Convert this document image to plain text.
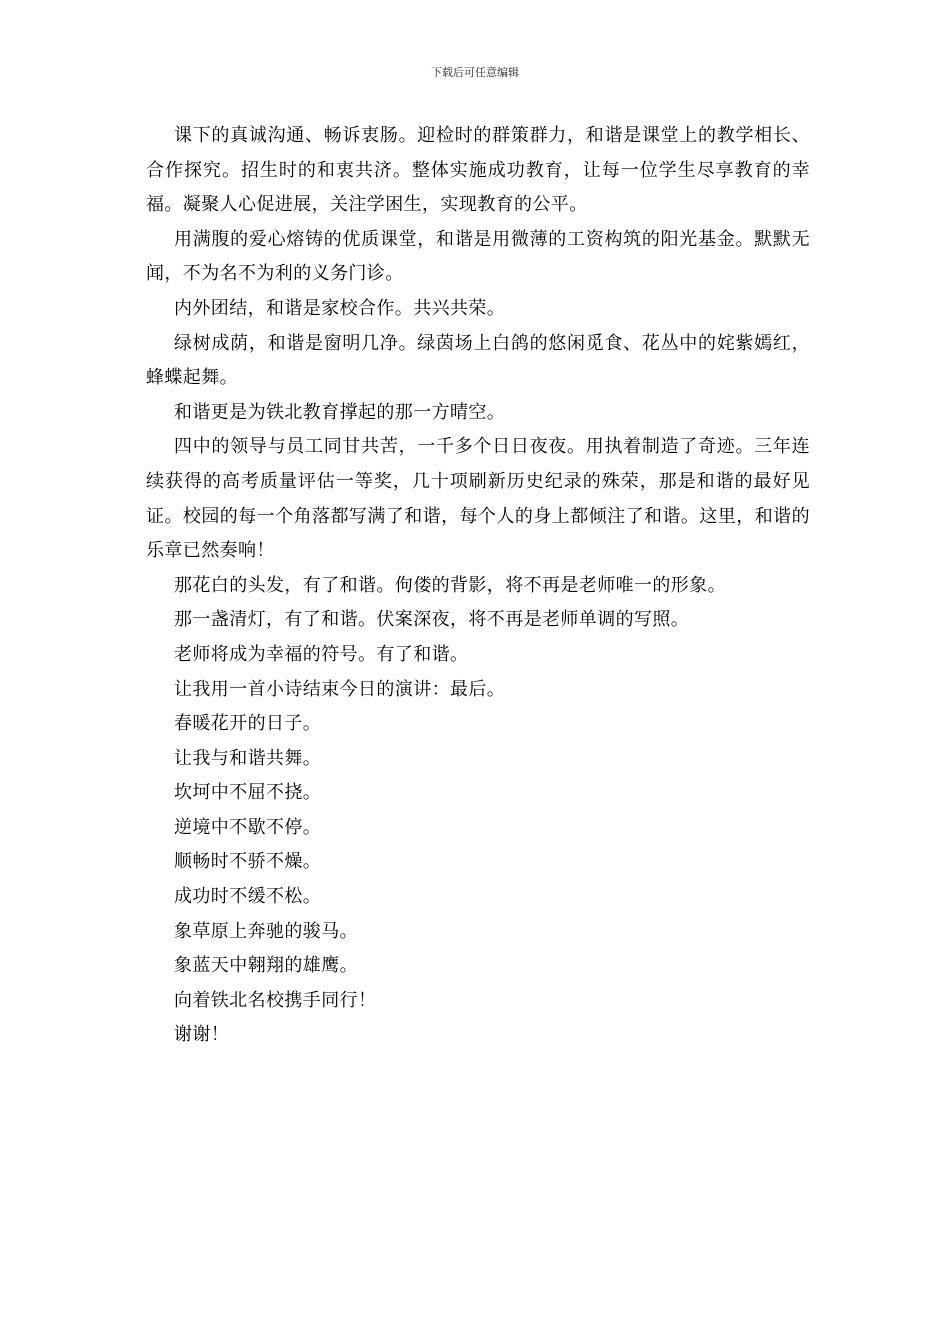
下载后可任意编辑

课下的真诚沟通、畅诉衷肠。迎检时的群策群力，和谐是课堂上的教学相长、合作探究。招生时的和衷共济。整体实施成功教育，让每一位学生尽享教育的幸福。凝聚人心促进展，关注学困生，实现教育的公平。

用满腹的爱心熔铸的优质课堂，和谐是用微薄的工资构筑的阳光基金。默默无闻，不为名不为利的义务门诊。

内外团结，和谐是家校合作。共兴共荣。

绿树成荫，和谐是窗明几净。绿茵场上白鸽的悠闲觅食、花丛中的姹紫嫣红，蜂蝶起舞。

和谐更是为铁北教育撑起的那一方晴空。

四中的领导与员工同甘共苦，一千多个日日夜夜。用执着制造了奇迹。三年连续获得的高考质量评估一等奖，几十项刷新历史纪录的殊荣，那是和谐的最好见证。校园的每一个角落都写满了和谐，每个人的身上都倾注了和谐。这里，和谐的乐章已然奏响！

那花白的头发，有了和谐。佝偻的背影，将不再是老师唯一的形象。

那一盏清灯，有了和谐。伏案深夜，将不再是老师单调的写照。

老师将成为幸福的符号。有了和谐。

让我用一首小诗结束今日的演讲：最后。

春暖花开的日子。

让我与和谐共舞。

坎坷中不屈不挠。

逆境中不歇不停。

顺畅时不骄不燥。

成功时不缓不松。

象草原上奔驰的骏马。

象蓝天中翱翔的雄鹰。

向着铁北名校携手同行！

谢谢！
